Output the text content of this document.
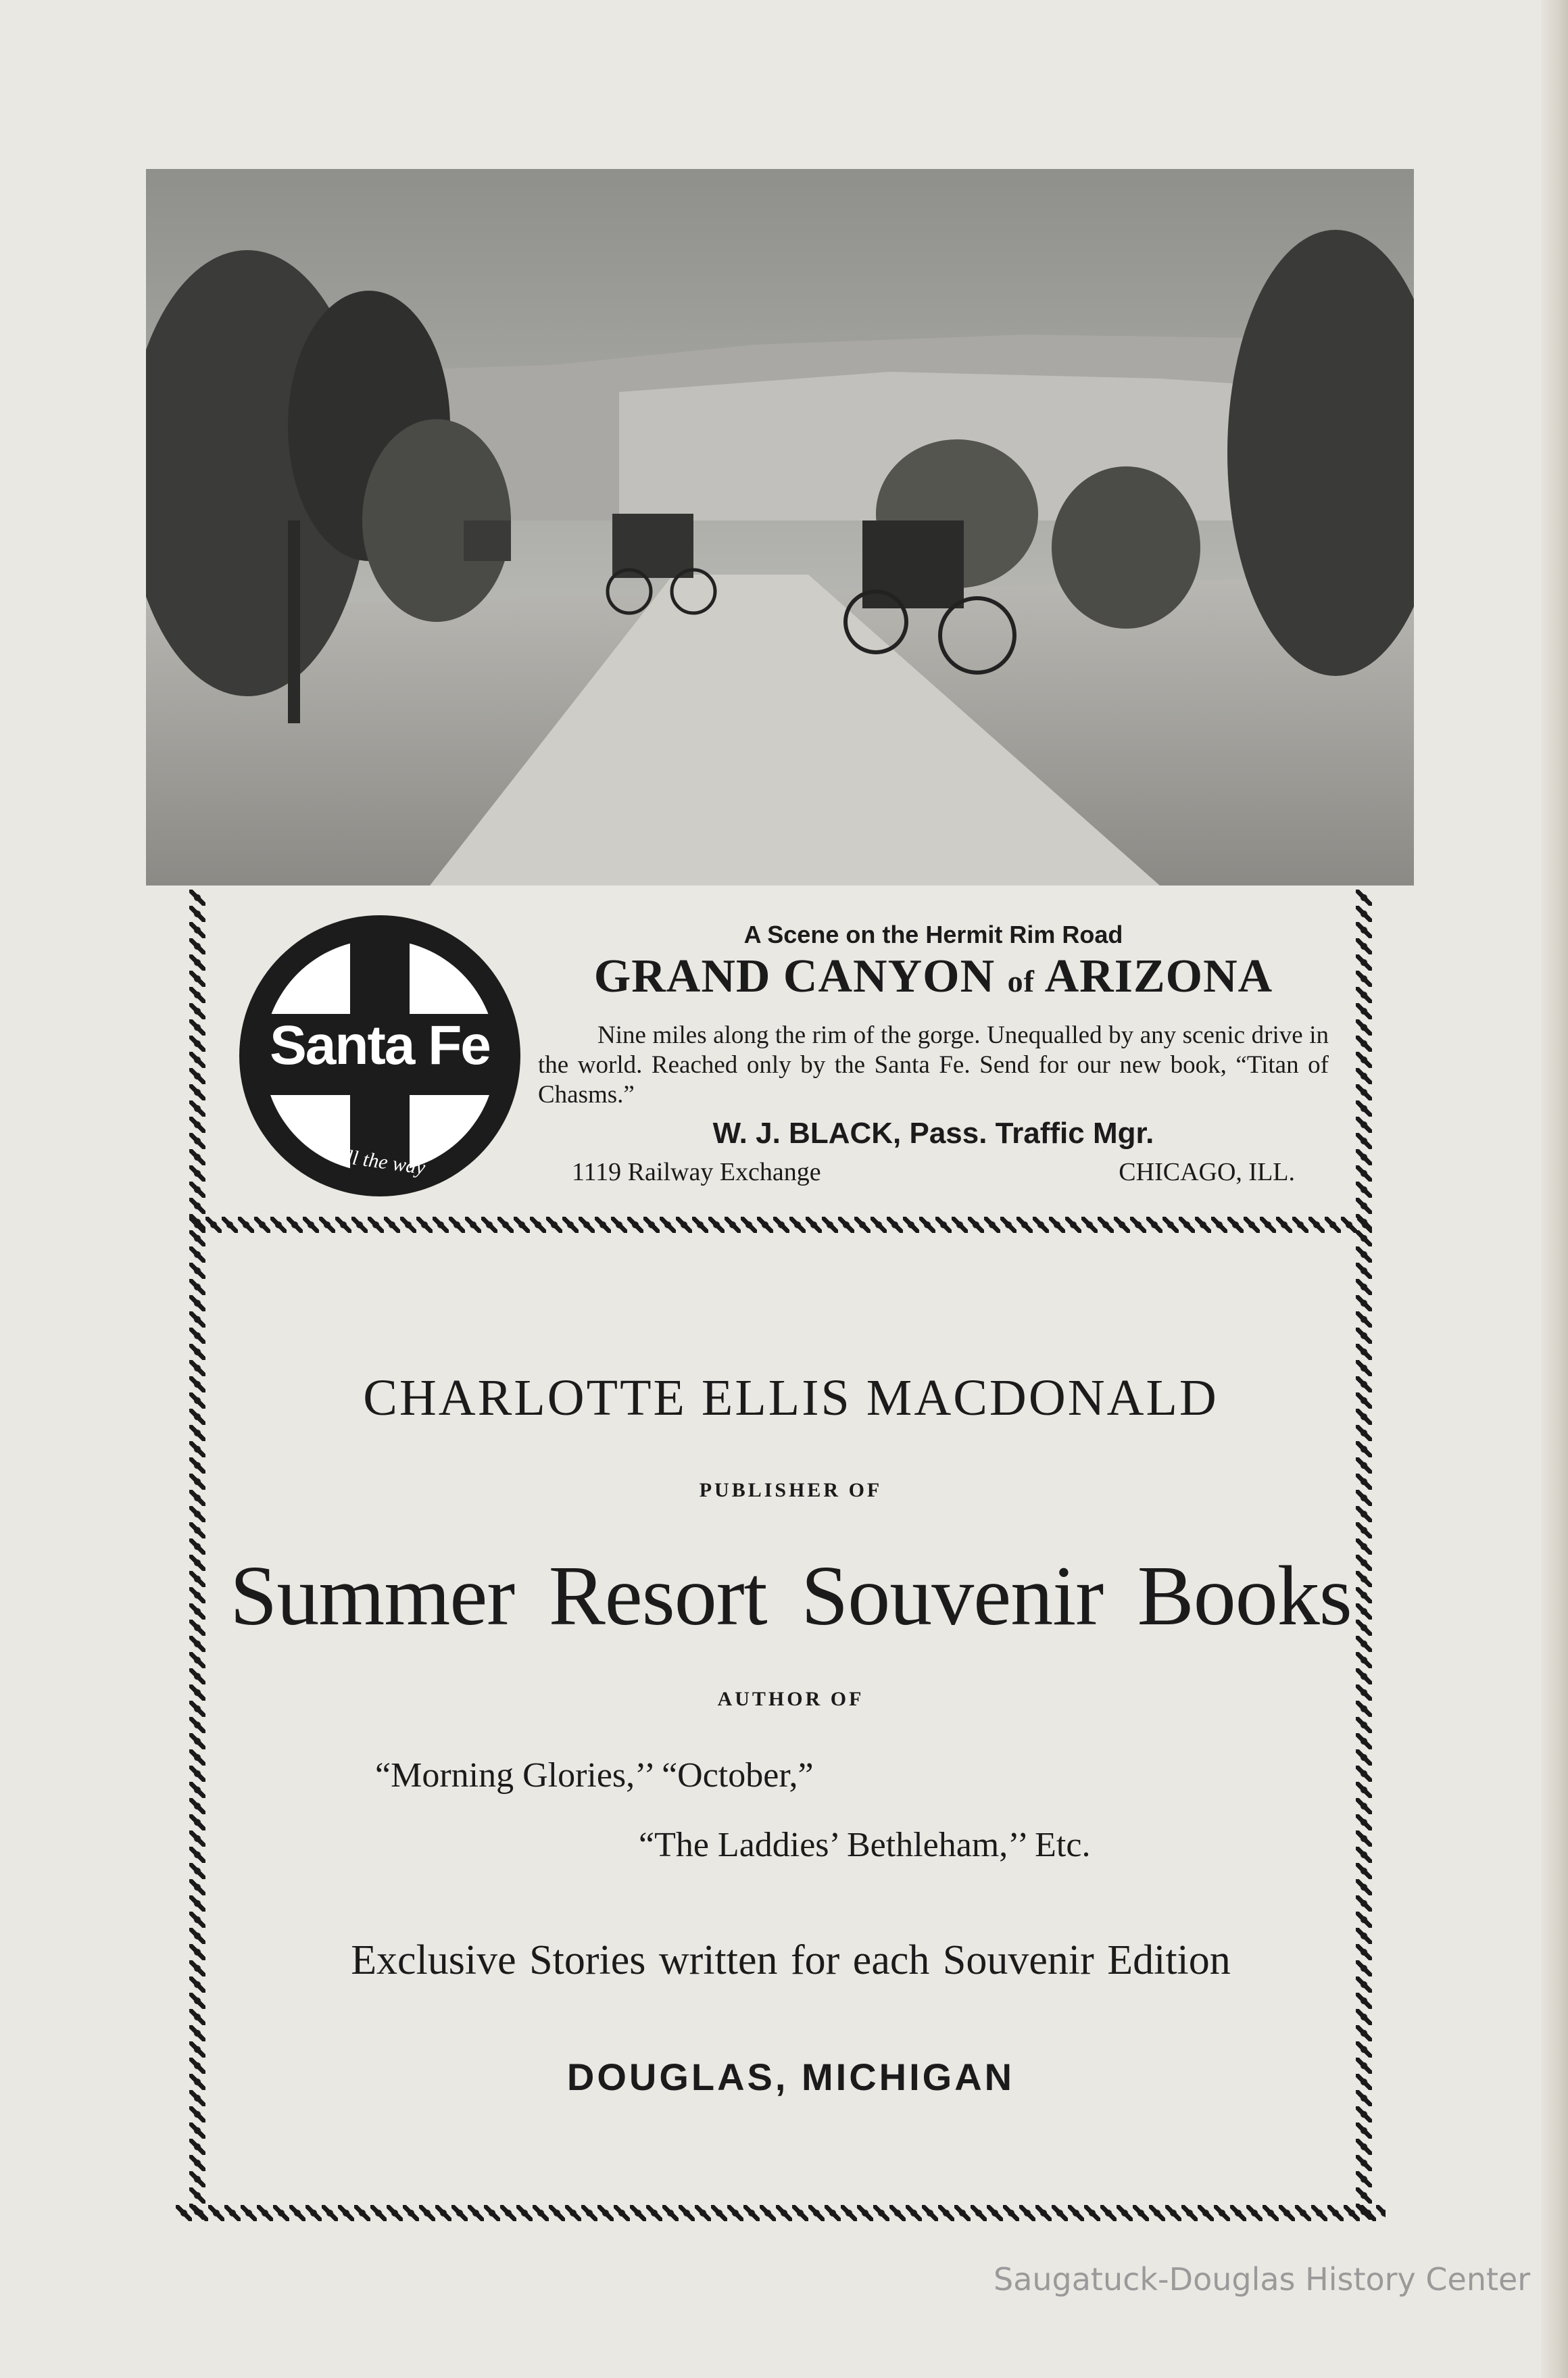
Santa Fe
All the way
A Scene on the Hermit Rim Road
GRAND CANYON of ARIZONA
Nine miles along the rim of the gorge. Unequalled by any scenic drive in the world. Reached only by the Santa Fe. Send for our new book, “Titan of Chasms.”
W. J. BLACK, Pass. Traffic Mgr.
1119 Railway Exchange	CHICAGO, ILL.
CHARLOTTE ELLIS MACDONALD
PUBLISHER OF
Summer Resort Souvenir Books
AUTHOR OF
“Morning Glories,’’ “October,”
“The Laddies’ Bethleham,’’ Etc.
Exclusive Stories written for each Souvenir Edition
DOUGLAS, MICHIGAN
Saugatuck-Douglas History Center
